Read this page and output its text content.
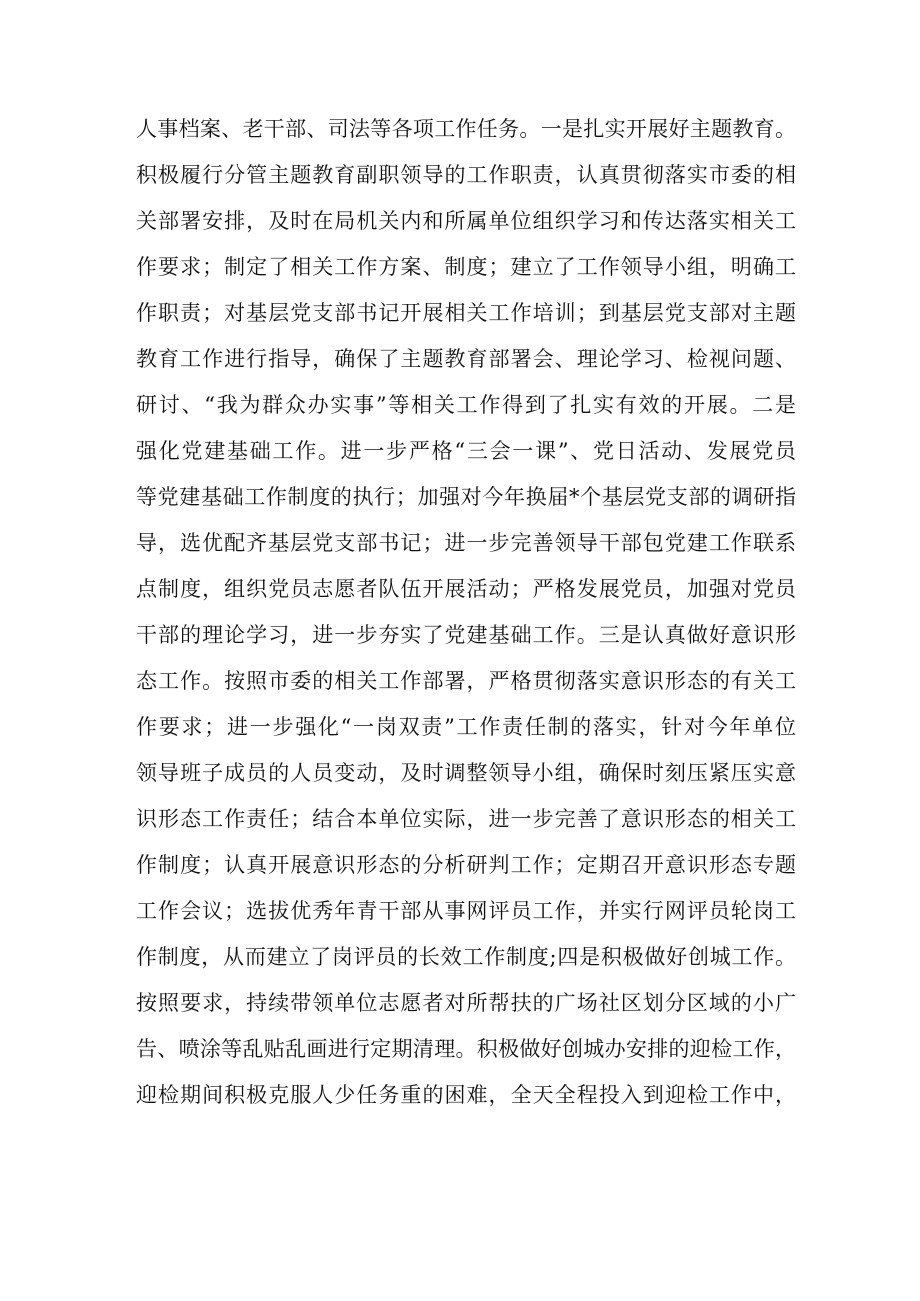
人事档案、老干部、司法等各项工作任务。一是扎实开展好主题教育。
积极履行分管主题教育副职领导的工作职责，认真贯彻落实市委的相
关部署安排，及时在局机关内和所属单位组织学习和传达落实相关工
作要求；制定了相关工作方案、制度；建立了工作领导小组，明确工
作职责；对基层党支部书记开展相关工作培训；到基层党支部对主题
教育工作进行指导，确保了主题教育部署会、理论学习、检视问题、
研讨、“我为群众办实事”等相关工作得到了扎实有效的开展。二是
强化党建基础工作。进一步严格“三会一课”、党日活动、发展党员
等党建基础工作制度的执行；加强对今年换届*个基层党支部的调研指
导，选优配齐基层党支部书记；进一步完善领导干部包党建工作联系
点制度，组织党员志愿者队伍开展活动；严格发展党员，加强对党员
干部的理论学习，进一步夯实了党建基础工作。三是认真做好意识形
态工作。按照市委的相关工作部署，严格贯彻落实意识形态的有关工
作要求；进一步强化“一岗双责”工作责任制的落实，针对今年单位
领导班子成员的人员变动，及时调整领导小组，确保时刻压紧压实意
识形态工作责任；结合本单位实际，进一步完善了意识形态的相关工
作制度；认真开展意识形态的分析研判工作；定期召开意识形态专题
工作会议；选拔优秀年青干部从事网评员工作，并实行网评员轮岗工
作制度，从而建立了岗评员的长效工作制度;四是积极做好创城工作。
按照要求，持续带领单位志愿者对所帮扶的广场社区划分区域的小广
告、喷涂等乱贴乱画进行定期清理。积极做好创城办安排的迎检工作，
迎检期间积极克服人少任务重的困难，全天全程投入到迎检工作中，
